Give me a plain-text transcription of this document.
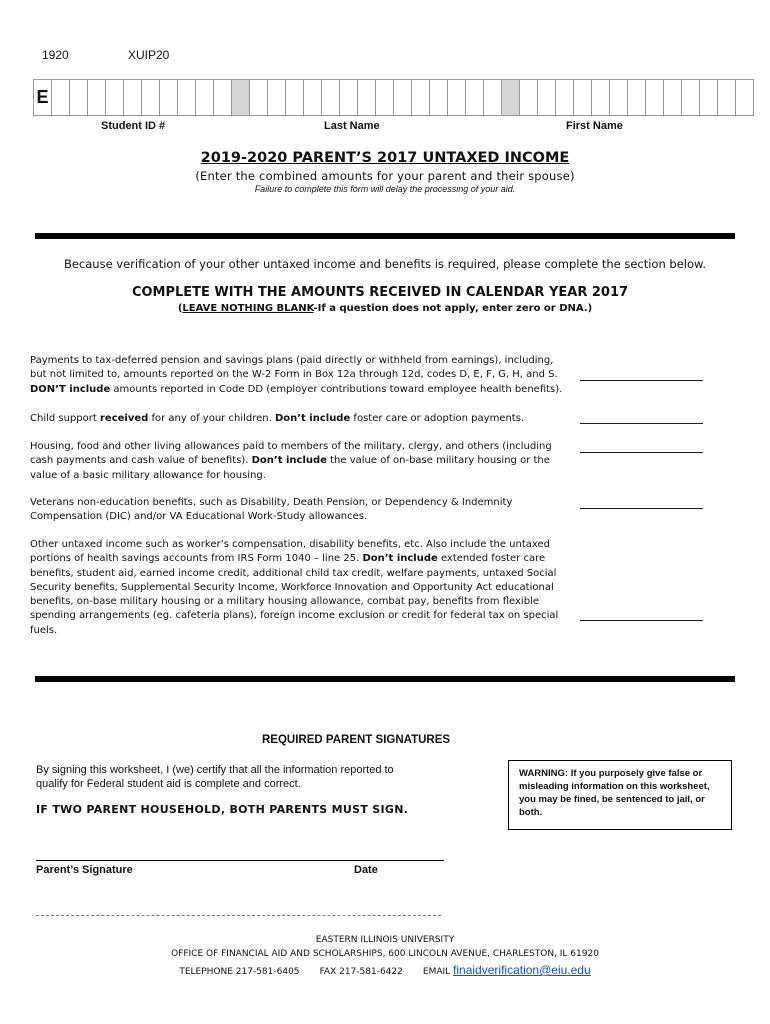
1920	XUIP20
E
Student ID #	Last Name	First Name
2019-2020 PARENT’S 2017 UNTAXED INCOME
(Enter the combined amounts for your parent and their spouse)
Failure to complete this form will delay the processing of your aid.
Because verification of your other untaxed income and benefits is required, please complete the section below.
COMPLETE WITH THE AMOUNTS RECEIVED IN CALENDAR YEAR 2017
(LEAVE NOTHING BLANK-If a question does not apply, enter zero or DNA.)
Payments to tax-deferred pension and savings plans (paid directly or withheld from earnings), including, but not limited to, amounts reported on the W-2 Form in Box 12a through 12d, codes D, E, F, G, H, and S.
DON’T include amounts reported in Code DD (employer contributions toward employee health benefits).
Child support received for any of your children. Don’t include foster care or adoption payments.
Housing, food and other living allowances paid to members of the military, clergy, and others (including cash payments and cash value of benefits). Don’t include the value of on-base military housing or the value of a basic military allowance for housing.
Veterans non-education benefits, such as Disability, Death Pension, or Dependency & Indemnity Compensation (DIC) and/or VA Educational Work-Study allowances.
Other untaxed income such as worker’s compensation, disability benefits, etc. Also include the untaxed portions of health savings accounts from IRS Form 1040 – line 25. Don’t include extended foster care benefits, student aid, earned income credit, additional child tax credit, welfare payments, untaxed Social Security benefits, Supplemental Security Income, Workforce Innovation and Opportunity Act educational benefits, on-base military housing or a military housing allowance, combat pay, benefits from flexible spending arrangements (eg. cafeteria plans), foreign income exclusion or credit for federal tax on special fuels.
REQUIRED PARENT SIGNATURES
By signing this worksheet, I (we) certify that all the information reported to qualify for Federal student aid is complete and correct.
IF TWO PARENT HOUSEHOLD, BOTH PARENTS MUST SIGN.
WARNING: If you purposely give false or misleading information on this worksheet, you may be fined, be sentenced to jail, or both.
Parent’s Signature	Date
EASTERN ILLINOIS UNIVERSITY
OFFICE OF FINANCIAL AID AND SCHOLARSHIPS, 600 LINCOLN AVENUE, CHARLESTON, IL 61920
TELEPHONE 217-581-6405 FAX 217-581-6422 EMAIL finaidverification@eiu.edu
